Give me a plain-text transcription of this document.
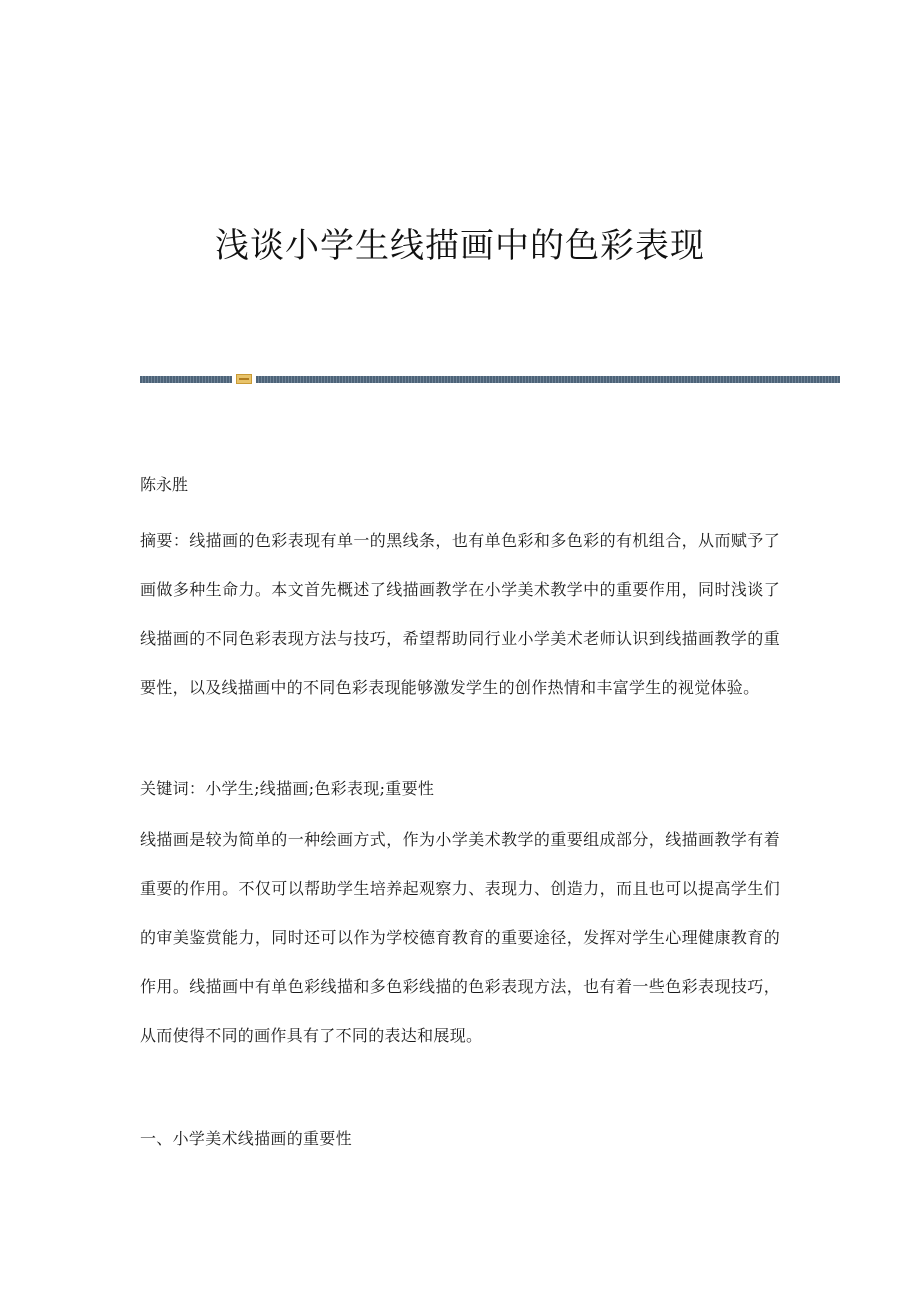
浅谈小学生线描画中的色彩表现

陈永胜

摘要：线描画的色彩表现有单一的黑线条，也有单色彩和多色彩的有机组合，从而赋予了画做多种生命力。本文首先概述了线描画教学在小学美术教学中的重要作用，同时浅谈了线描画的不同色彩表现方法与技巧，希望帮助同行业小学美术老师认识到线描画教学的重要性，以及线描画中的不同色彩表现能够激发学生的创作热情和丰富学生的视觉体验。

关键词：小学生;线描画;色彩表现;重要性

线描画是较为简单的一种绘画方式，作为小学美术教学的重要组成部分，线描画教学有着重要的作用。不仅可以帮助学生培养起观察力、表现力、创造力，而且也可以提高学生们的审美鉴赏能力，同时还可以作为学校德育教育的重要途径，发挥对学生心理健康教育的作用。线描画中有单色彩线描和多色彩线描的色彩表现方法，也有着一些色彩表现技巧，从而使得不同的画作具有了不同的表达和展现。

一、小学美术线描画的重要性
